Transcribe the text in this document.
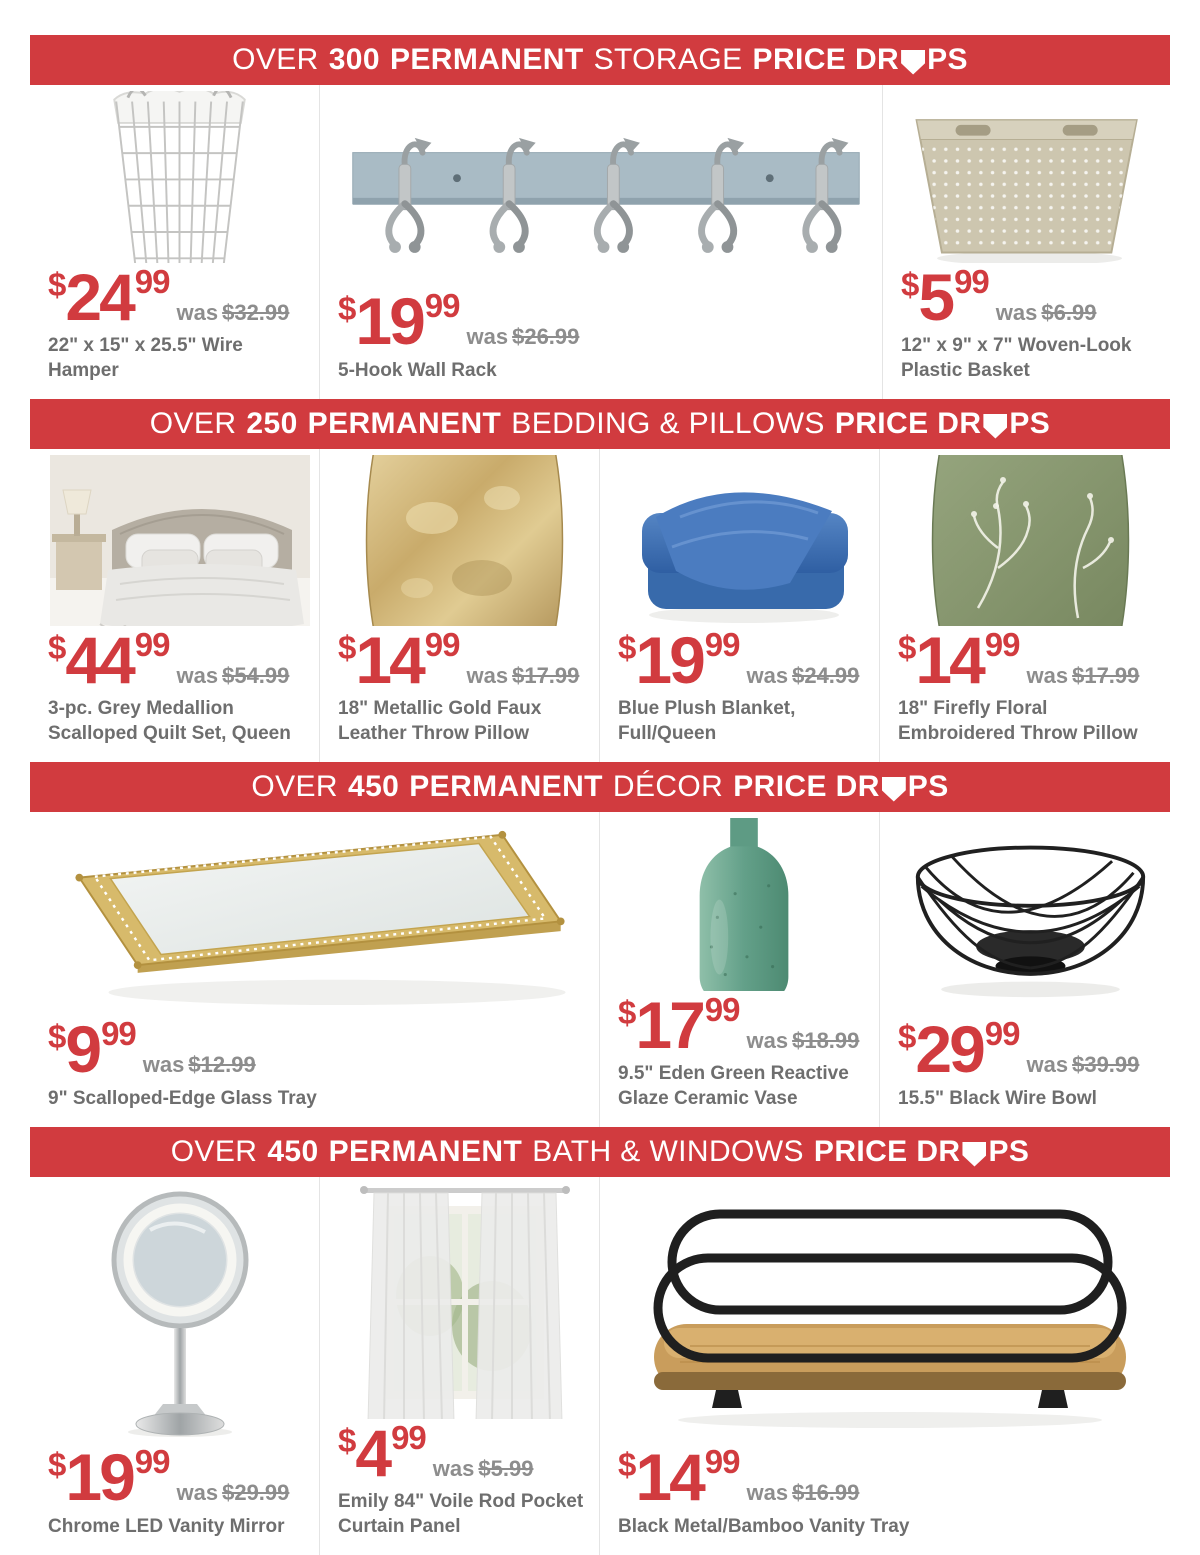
OVER 300 PERMANENT STORAGE PRICE DR PS
$2499was $32.99
22" x 15" x 25.5" Wire Hamper
$1999was $26.99
5-Hook Wall Rack
$599was $6.99
12" x 9" x 7" Woven-Look Plastic Basket
OVER 250 PERMANENT BEDDING & PILLOWS PRICE DR PS
$4499was $54.99
3-pc. Grey Medallion Scalloped Quilt Set, Queen
$1499was $17.99
18" Metallic Gold Faux Leather Throw Pillow
$1999was $24.99
Blue Plush Blanket, Full/Queen
$1499was $17.99
18" Firefly Floral Embroidered Throw Pillow
OVER 450 PERMANENT DÉCOR PRICE DR PS
$999was $12.99
9" Scalloped-Edge Glass Tray
$1799was $18.99
9.5" Eden Green Reactive Glaze Ceramic Vase
$2999was $39.99
15.5" Black Wire Bowl
OVER 450 PERMANENT BATH & WINDOWS PRICE DR PS
$1999was $29.99
Chrome LED Vanity Mirror
$499was $5.99
Emily 84" Voile Rod Pocket Curtain Panel
$1499was $16.99
Black Metal/Bamboo Vanity Tray
